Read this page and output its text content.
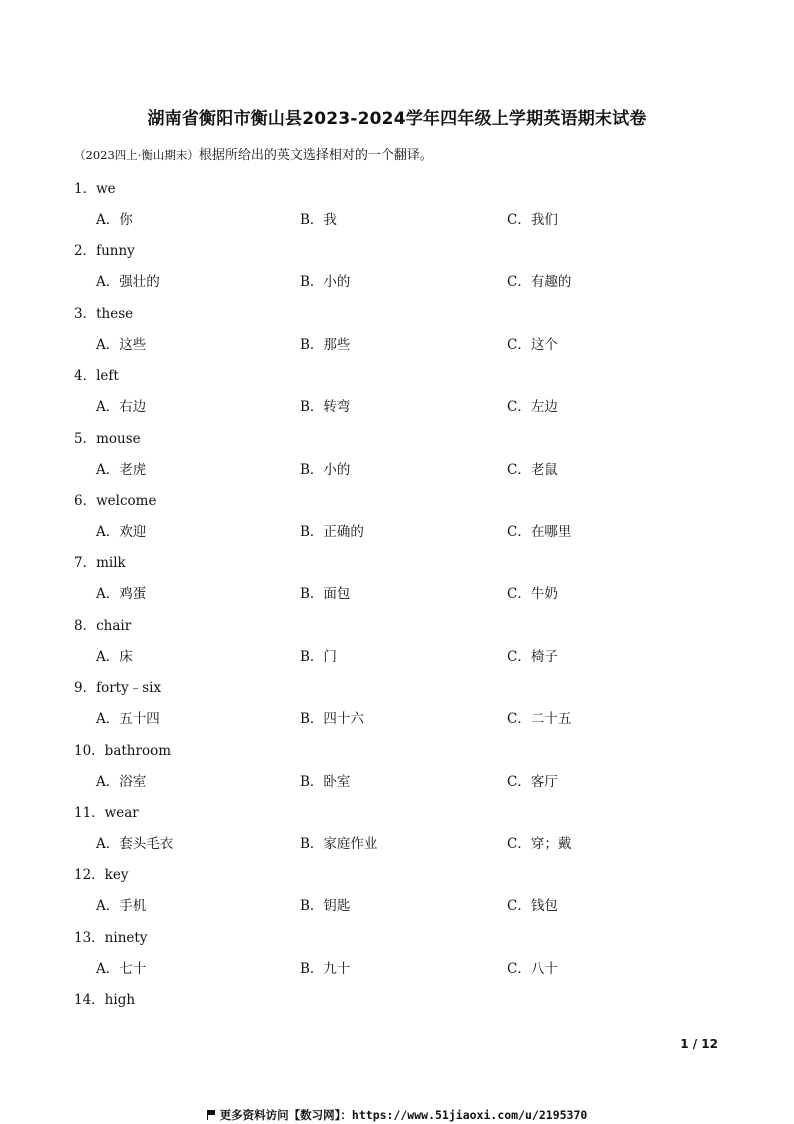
湖南省衡阳市衡山县2023-2024学年四年级上学期英语期末试卷
（2023四上·衡山期末）根据所给出的英文选择相对的一个翻译。
1．we
A．你	B．我	C．我们
2．funny
A．强壮的	B．小的	C．有趣的
3．these
A．这些	B．那些	C．这个
4．left
A．右边	B．转弯	C．左边
5．mouse
A．老虎	B．小的	C．老鼠
6．welcome
A．欢迎	B．正确的	C．在哪里
7．milk
A．鸡蛋	B．面包	C．牛奶
8．chair
A．床	B．门	C．椅子
9．forty﹣six
A．五十四	B．四十六	C．二十五
10．bathroom
A．浴室	B．卧室	C．客厅
11．wear
A．套头毛衣	B．家庭作业	C．穿；戴
12．key
A．手机	B．钥匙	C．钱包
13．ninety
A．七十	B．九十	C．八十
14．high
1 / 12
更多资料访问【数习网】：https://www.51jiaoxi.com/u/2195370
